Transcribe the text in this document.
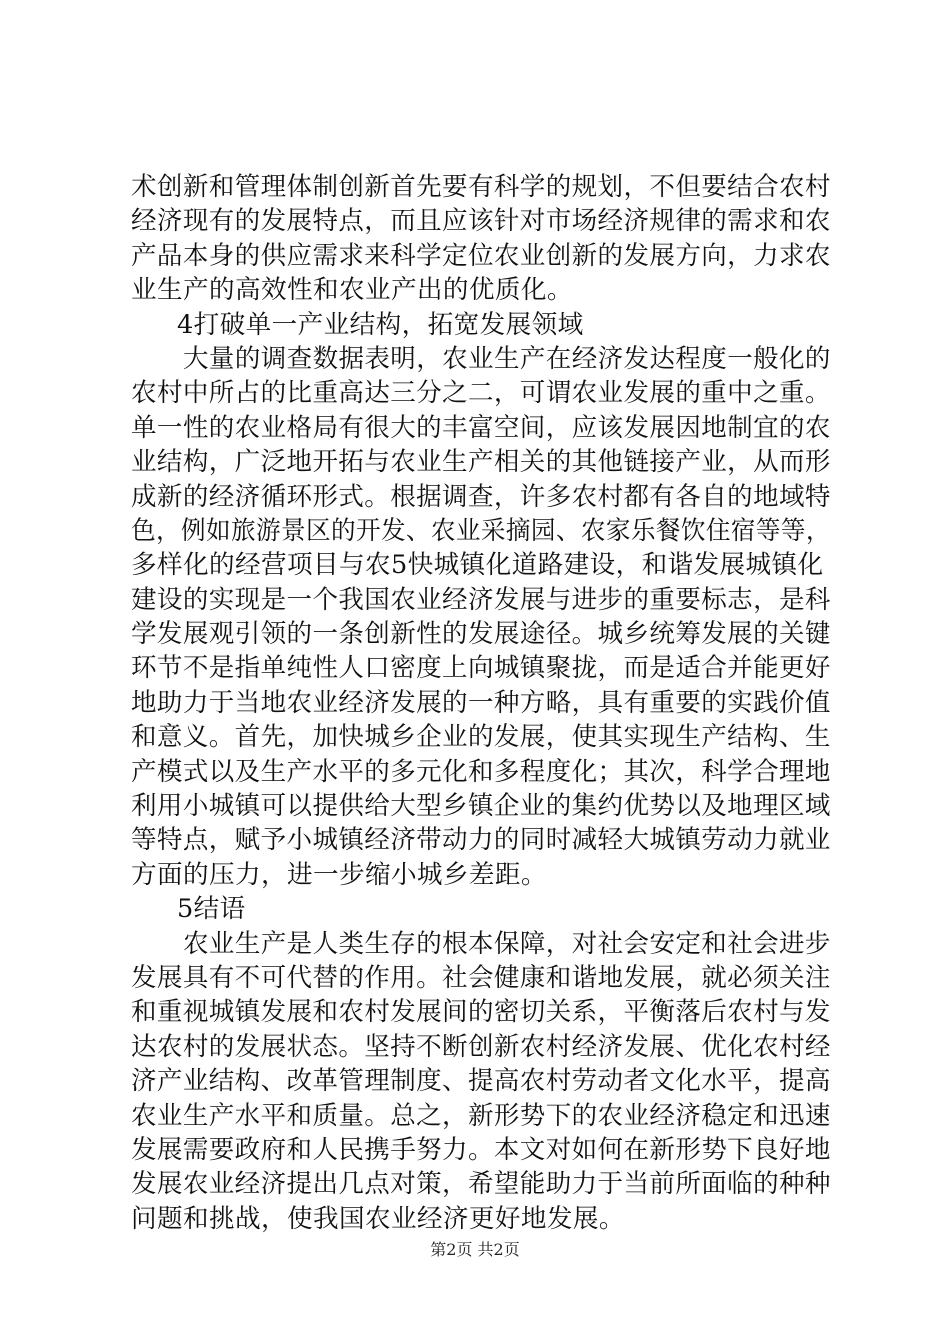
术创新和管理体制创新首先要有科学的规划，不但要结合农村
经济现有的发展特点，而且应该针对市场经济规律的需求和农
产品本身的供应需求来科学定位农业创新的发展方向，力求农
业生产的高效性和农业产出的优质化。
4打破单一产业结构，拓宽发展领域
大量的调查数据表明，农业生产在经济发达程度一般化的
农村中所占的比重高达三分之二，可谓农业发展的重中之重。
单一性的农业格局有很大的丰富空间，应该发展因地制宜的农
业结构，广泛地开拓与农业生产相关的其他链接产业，从而形
成新的经济循环形式。根据调查，许多农村都有各自的地域特
色，例如旅游景区的开发、农业采摘园、农家乐餐饮住宿等等，
多样化的经营项目与农5快城镇化道路建设，和谐发展城镇化
建设的实现是一个我国农业经济发展与进步的重要标志，是科
学发展观引领的一条创新性的发展途径。城乡统筹发展的关键
环节不是指单纯性人口密度上向城镇聚拢，而是适合并能更好
地助力于当地农业经济发展的一种方略，具有重要的实践价值
和意义。首先，加快城乡企业的发展，使其实现生产结构、生
产模式以及生产水平的多元化和多程度化；其次，科学合理地
利用小城镇可以提供给大型乡镇企业的集约优势以及地理区域
等特点，赋予小城镇经济带动力的同时减轻大城镇劳动力就业
方面的压力，进一步缩小城乡差距。
5结语
农业生产是人类生存的根本保障，对社会安定和社会进步
发展具有不可代替的作用。社会健康和谐地发展，就必须关注
和重视城镇发展和农村发展间的密切关系，平衡落后农村与发
达农村的发展状态。坚持不断创新农村经济发展、优化农村经
济产业结构、改革管理制度、提高农村劳动者文化水平，提高
农业生产水平和质量。总之，新形势下的农业经济稳定和迅速
发展需要政府和人民携手努力。本文对如何在新形势下良好地
发展农业经济提出几点对策，希望能助力于当前所面临的种种
问题和挑战，使我国农业经济更好地发展。
第2页 共2页
